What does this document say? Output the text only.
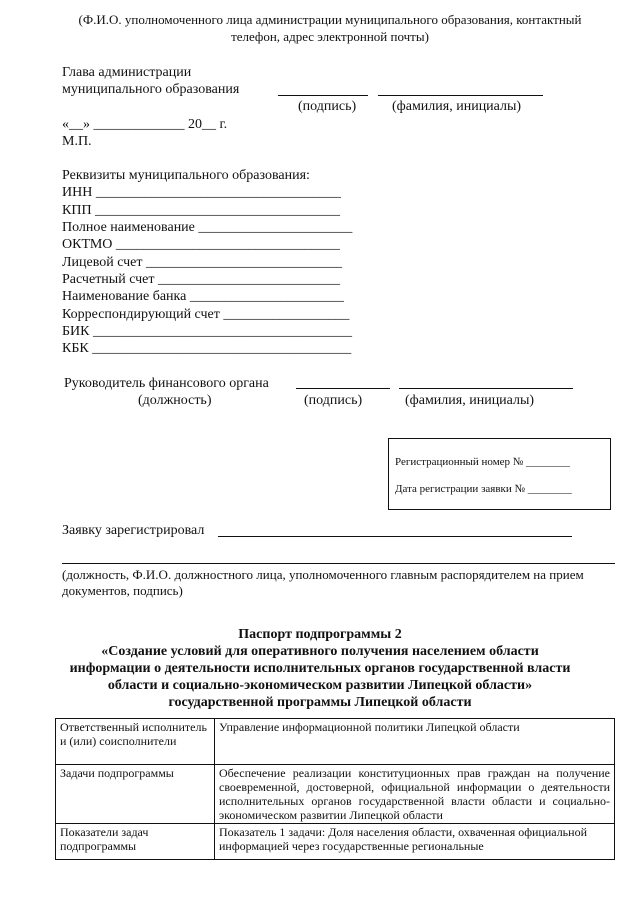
(Ф.И.О. уполномоченного лица администрации муниципального образования, контактный
телефон, адрес электронной почты)
Глава администрации
муниципального образования
(подпись)	(фамилия, инициалы)
«__» _____________ 20__ г.
М.П.
Реквизиты муниципального образования:
ИНН ___________________________________
КПП ___________________________________
Полное наименование ______________________
ОКТМО ________________________________
Лицевой счет ____________________________
Расчетный счет __________________________
Наименование банка ______________________
Корреспондирующий счет __________________
БИК _____________________________________
КБК _____________________________________
Руководитель финансового органа
(должность)	(подпись)	(фамилия, инициалы)
Регистрационный номер № ________
Дата регистрации заявки № ________
Заявку зарегистрировал
(должность, Ф.И.О. должностного лица, уполномоченного главным распорядителем на прием
документов, подпись)
Паспорт подпрограммы 2
«Создание условий для оперативного получения населением области
информации о деятельности исполнительных органов государственной власти
области и социально-экономическом развитии Липецкой области»
государственной программы Липецкой области
Ответственный исполнитель и (или) соисполнители	Управление информационной политики Липецкой области
Задачи подпрограммы	Обеспечение реализации конституционных прав граждан на получение своевременной, достоверной, официальной информации о деятельности исполнительных органов государственной власти области и социально-экономическом развитии Липецкой области
Показатели задач подпрограммы	Показатель 1 задачи: Доля населения области, охваченная официальной информацией через государственные региональные
